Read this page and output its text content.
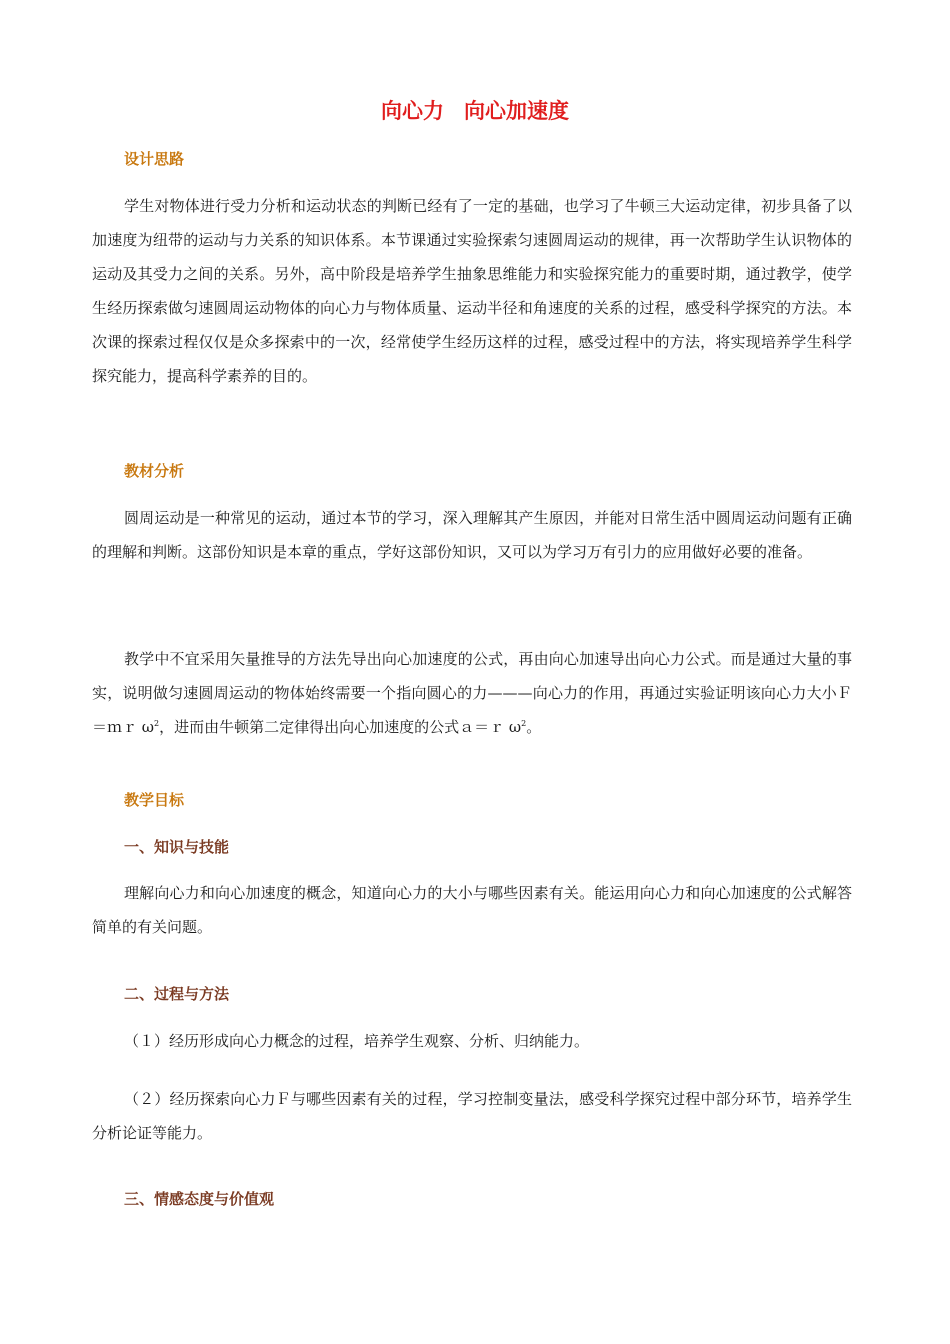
向心力 向心加速度
设计思路
学生对物体进行受力分析和运动状态的判断已经有了一定的基础，也学习了牛顿三大运动定律，初步具备了以加速度为纽带的运动与力关系的知识体系。本节课通过实验探索匀速圆周运动的规律，再一次帮助学生认识物体的运动及其受力之间的关系。另外，高中阶段是培养学生抽象思维能力和实验探究能力的重要时期，通过教学，使学生经历探索做匀速圆周运动物体的向心力与物体质量、运动半径和角速度的关系的过程，感受科学探究的方法。本次课的探索过程仅仅是众多探索中的一次，经常使学生经历这样的过程，感受过程中的方法，将实现培养学生科学探究能力，提高科学素养的目的。
教材分析
圆周运动是一种常见的运动，通过本节的学习，深入理解其产生原因，并能对日常生活中圆周运动问题有正确的理解和判断。这部份知识是本章的重点，学好这部份知识，又可以为学习万有引力的应用做好必要的准备。
教学中不宜采用矢量推导的方法先导出向心加速度的公式，再由向心加速导出向心力公式。而是通过大量的事实，说明做匀速圆周运动的物体始终需要一个指向圆心的力———向心力的作用，再通过实验证明该向心力大小Ｆ＝ｍｒ $\omega^2$，进而由牛顿第二定律得出向心加速度的公式ａ＝ｒ $\omega^2$。
教学目标
一、知识与技能
理解向心力和向心加速度的概念，知道向心力的大小与哪些因素有关。能运用向心力和向心加速度的公式解答简单的有关问题。
二、过程与方法
（１）经历形成向心力概念的过程，培养学生观察、分析、归纳能力。
（２）经历探索向心力Ｆ与哪些因素有关的过程，学习控制变量法，感受科学探究过程中部分环节，培养学生分析论证等能力。
三、情感态度与价值观
